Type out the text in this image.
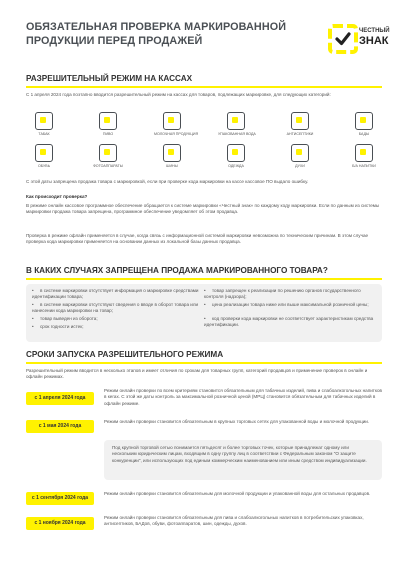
ОБЯЗАТЕЛЬНАЯ ПРОВЕРКА МАРКИРОВАННОЙ
ПРОДУКЦИИ ПЕРЕД ПРОДАЖЕЙ
ЧЕСТНЫЙ
ЗНАК
РАЗРЕШИТЕЛЬНЫЙ РЕЖИМ НА КАССАХ
С 1 апреля 2024 года поэтапно вводится разрешительный режим на кассах для товаров, подлежащих маркировке, для следующих категорий:
ТАБАК	ПИВО	МОЛОЧНАЯ ПРОДУКЦИЯ	УПАКОВАННАЯ ВОДА	АНТИСЕПТИКИ	БАДЫ
ОБУВЬ	ФОТОАППАРАТЫ	ШИНЫ	ОДЕЖДА	ДУХИ	Б/А НАПИТКИ
С этой даты запрещена продажа товара с маркировкой, если при проверке кода маркировки на кассе кассовое ПО выдало ошибку.
Как происходит проверка?
В режиме онлайн кассовое программное обеспечение обращается к системе маркировки «Честный знак» по каждому коду маркировки. Если по данным из системы маркировки продажа товара запрещена, программное обеспечение уведомляет об этом продавца.
Проверка в режиме офлайн применяется в случае, когда связь с информационной системой маркировки невозможна по техническим причинам. В этом случае проверка кода маркировки применяется на основании данных из локальной базы данных продавца.
В КАКИХ СЛУЧАЯХ ЗАПРЕЩЕНА ПРОДАЖА МАРКИРОВАННОГО ТОВАРА?
• в системе маркировки отсутствует информация о маркировке средствами идентификации товара;
• в системе маркировки отсутствуют сведения о вводе в оборот товара или нанесении кода маркировки на товар;
• товар выведен из оборота;
• срок годности истек;
• товар запрещен к реализации по решению органов государственного контроля (надзора);
• цена реализации товара ниже или выше максимальной розничной цены;
• код проверки кода маркировки не соответствует характеристикам средства идентификации.
СРОКИ ЗАПУСКА РАЗРЕШИТЕЛЬНОГО РЕЖИМА
Разрешительный режим вводится в несколько этапов и имеет отличия по срокам для товарных групп, категорий продавцов и применение проверок в онлайн и офлайн режимах.
с 1 апреля 2024 года
Режим онлайн проверки по всем критериям становится обязательным для табачных изделий, пива и слабоалкогольных напитков в кегах. С этой же даты контроль за максимальной розничной ценой (МРЦ) становится обязательным для табачных изделий в офлайн режиме.
с 1 мая 2024 года
Режим онлайн проверки становится обязательным в крупных торговых сетях для упакованной воды и молочной продукции.
Под крупной торговой сетью понимается пятьдесят и более торговых точек, которые принадлежат одному или нескольким юридическим лицам, входящим в одну группу лиц в соответствии с Федеральным законом "О защите конкуренции", или использующих под единым коммерческим наименованием или иным средством индивидуализации.
с 1 сентября 2024 года
Режим онлайн проверки становится обязательным для молочной продукции и упакованной воды для остальных продавцов.
с 1 ноября 2024 года
Режим онлайн проверки становится обязательным для пива и слабоалкогольных напитков в потребительских упаковках, антисептиков, БАДов, обуви, фотоаппаратов, шин, одежды, духов.
